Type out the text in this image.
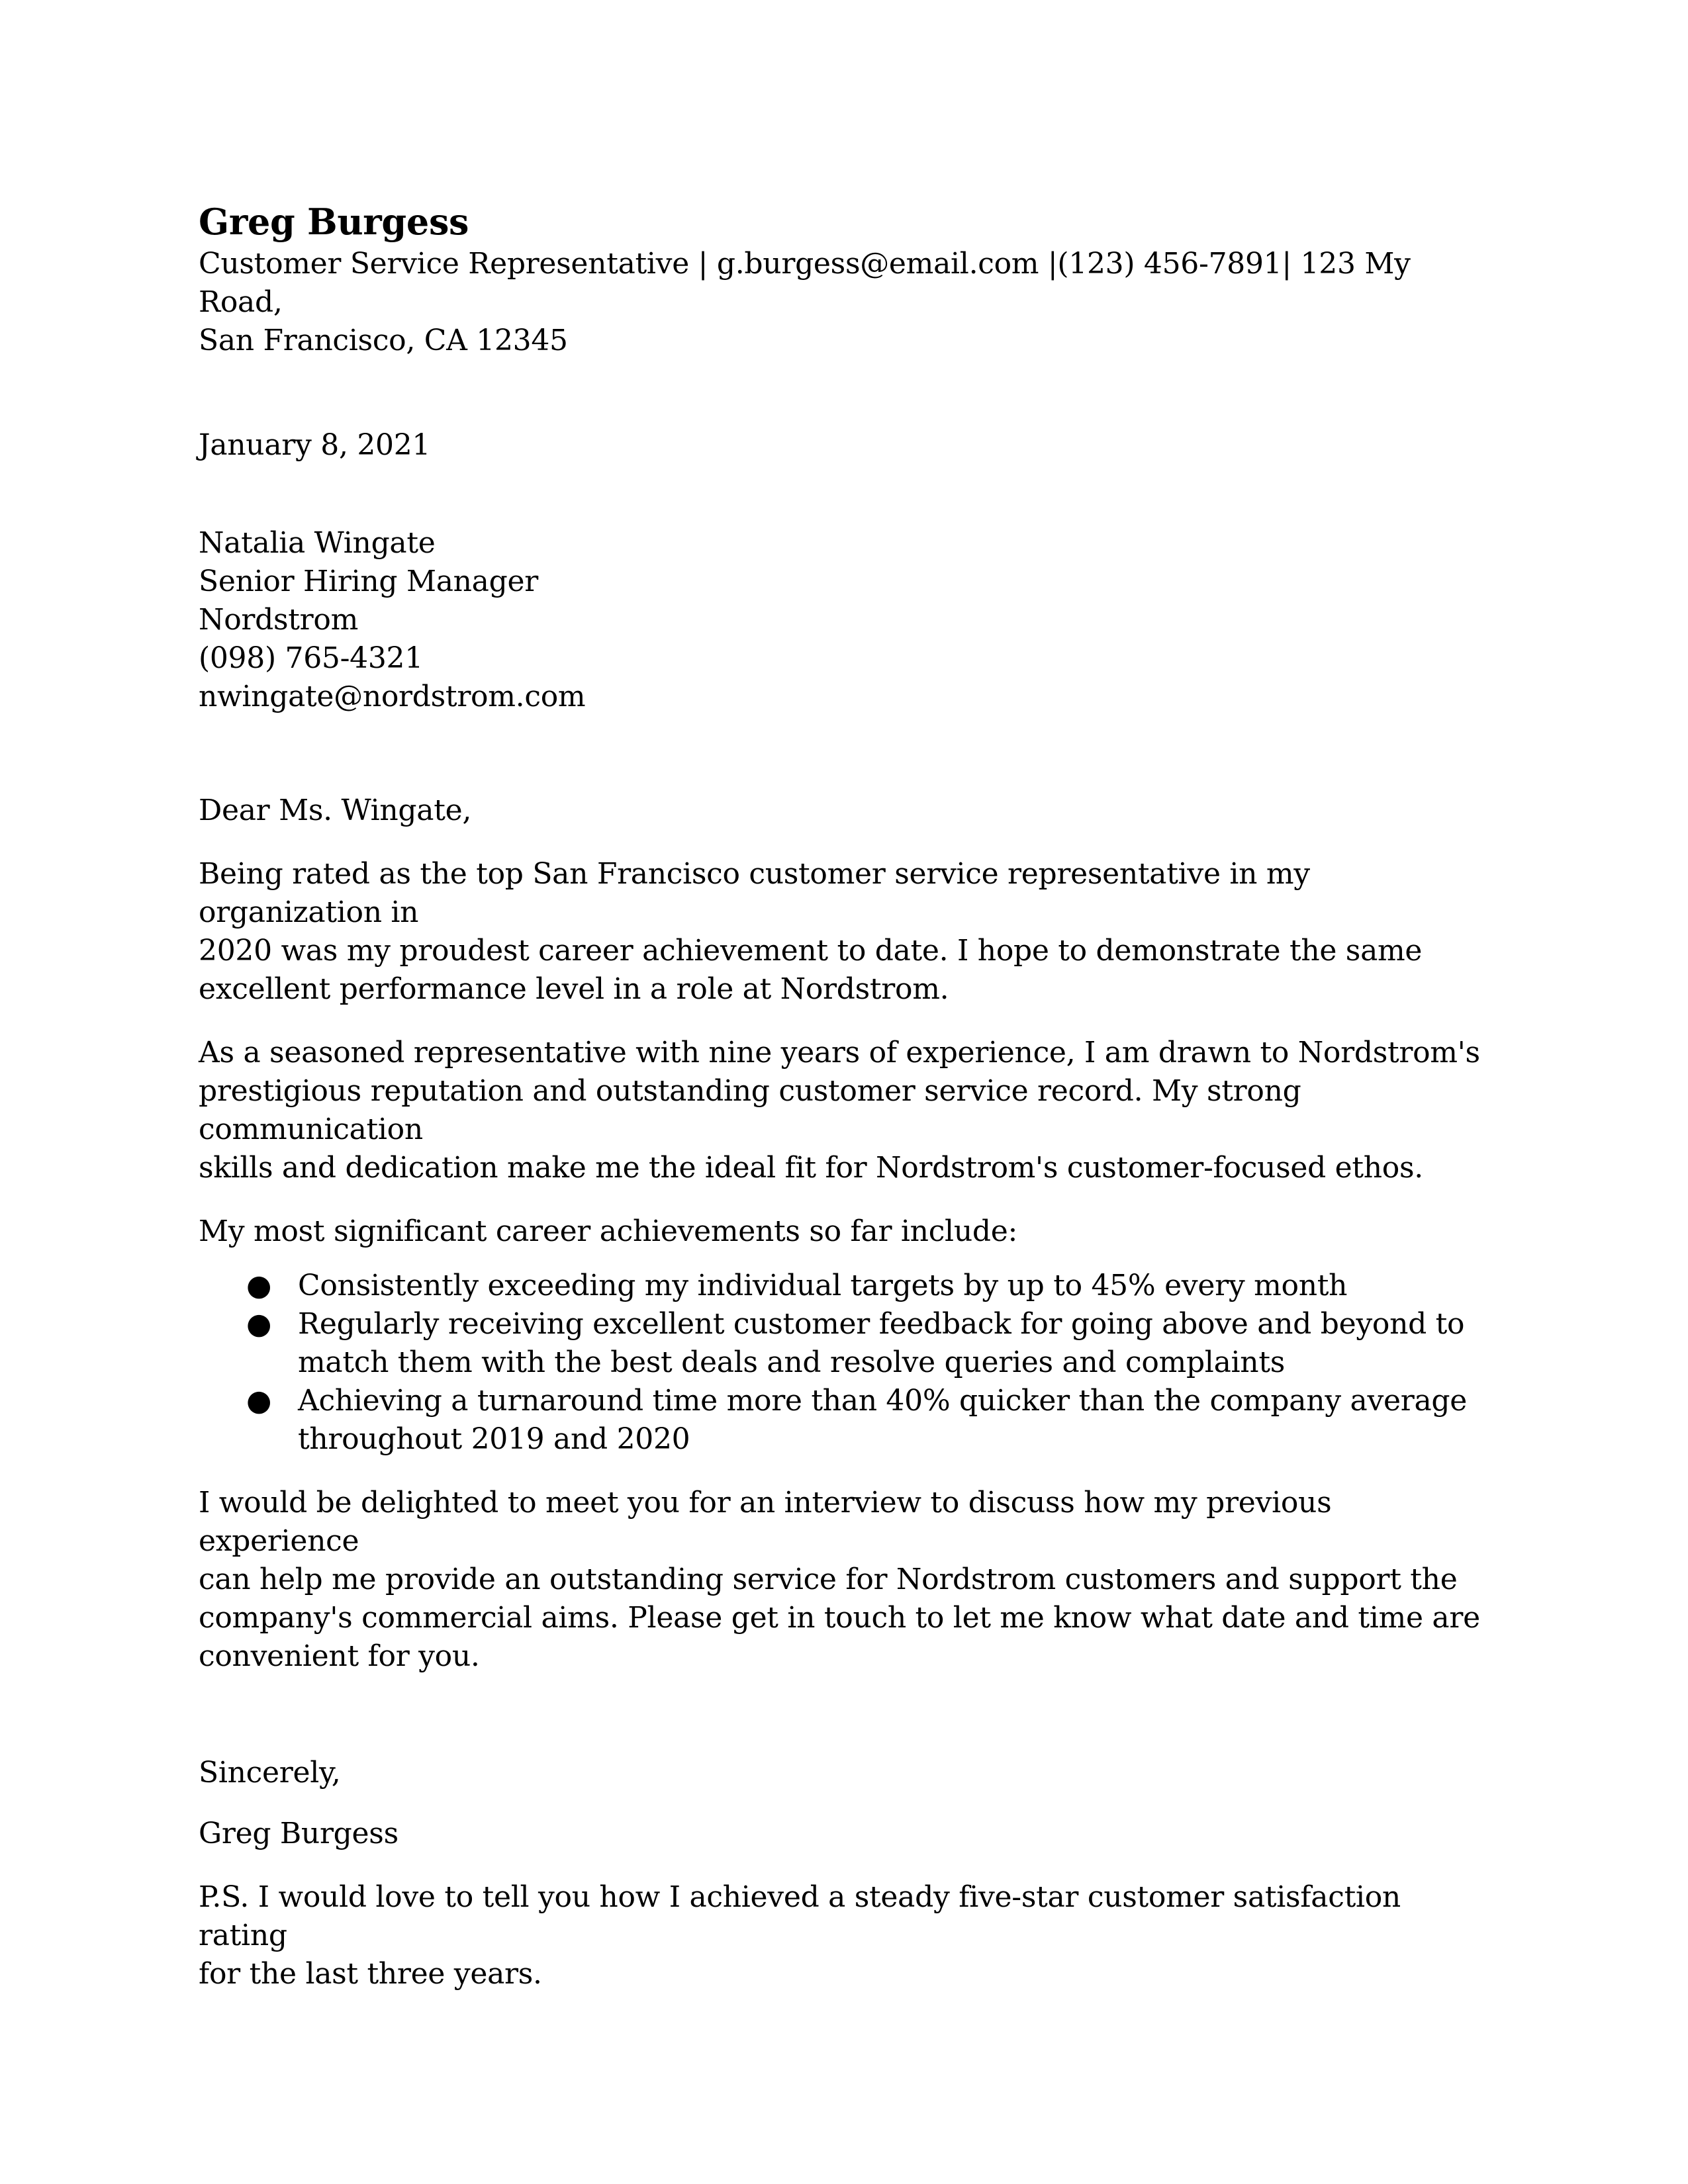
Greg Burgess
Customer Service Representative | g.burgess@email.com |(123) 456-7891| 123 My Road,
San Francisco, CA 12345
January 8, 2021
Natalia Wingate
Senior Hiring Manager
Nordstrom
(098) 765-4321
nwingate@nordstrom.com

Dear Ms. Wingate,

Being rated as the top San Francisco customer service representative in my organization in
2020 was my proudest career achievement to date. I hope to demonstrate the same
excellent performance level in a role at Nordstrom.

As a seasoned representative with nine years of experience, I am drawn to Nordstrom's
prestigious reputation and outstanding customer service record. My strong communication
skills and dedication make me the ideal fit for Nordstrom's customer-focused ethos.

My most significant career achievements so far include:

● Consistently exceeding my individual targets by up to 45% every month
● Regularly receiving excellent customer feedback for going above and beyond to
match them with the best deals and resolve queries and complaints
● Achieving a turnaround time more than 40% quicker than the company average
throughout 2019 and 2020

I would be delighted to meet you for an interview to discuss how my previous experience
can help me provide an outstanding service for Nordstrom customers and support the
company's commercial aims. Please get in touch to let me know what date and time are
convenient for you.

Sincerely,

Greg Burgess

P.S. I would love to tell you how I achieved a steady five-star customer satisfaction rating
for the last three years.
